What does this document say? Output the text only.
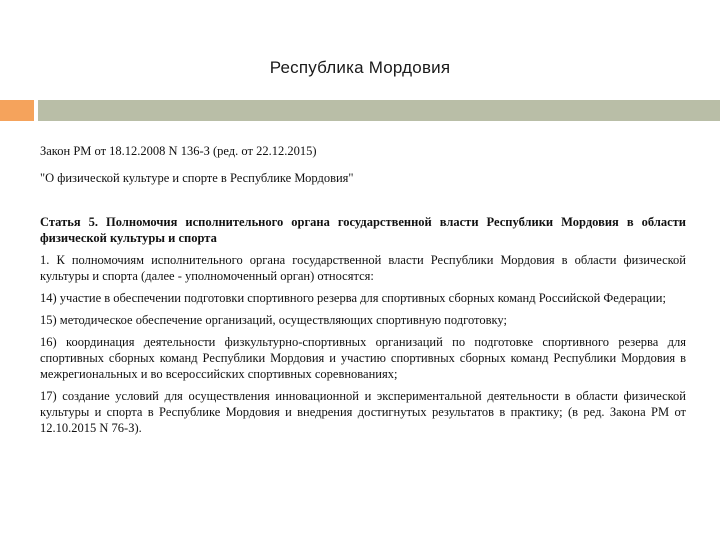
Республика Мордовия

Закон РМ от 18.12.2008 N 136-З (ред. от 22.12.2015)

"О физической культуре и спорте в Республике Мордовия"

Статья 5. Полномочия исполнительного органа государственной власти Республики Мордовия в области физической культуры и спорта

1. К полномочиям исполнительного органа государственной власти Республики Мордовия в области физической культуры и спорта (далее - уполномоченный орган) относятся:

14) участие в обеспечении подготовки спортивного резерва для спортивных сборных команд Российской Федерации;

15) методическое обеспечение организаций, осуществляющих спортивную подготовку;

16) координация деятельности физкультурно-спортивных организаций по подготовке спортивного резерва для спортивных сборных команд Республики Мордовия и участию спортивных сборных команд Республики Мордовия в межрегиональных и во всероссийских спортивных соревнованиях;

17) создание условий для осуществления инновационной и экспериментальной деятельности в области физической культуры и спорта в Республике Мордовия и внедрения достигнутых результатов в практику; (в ред. Закона РМ от 12.10.2015 N 76-З).
